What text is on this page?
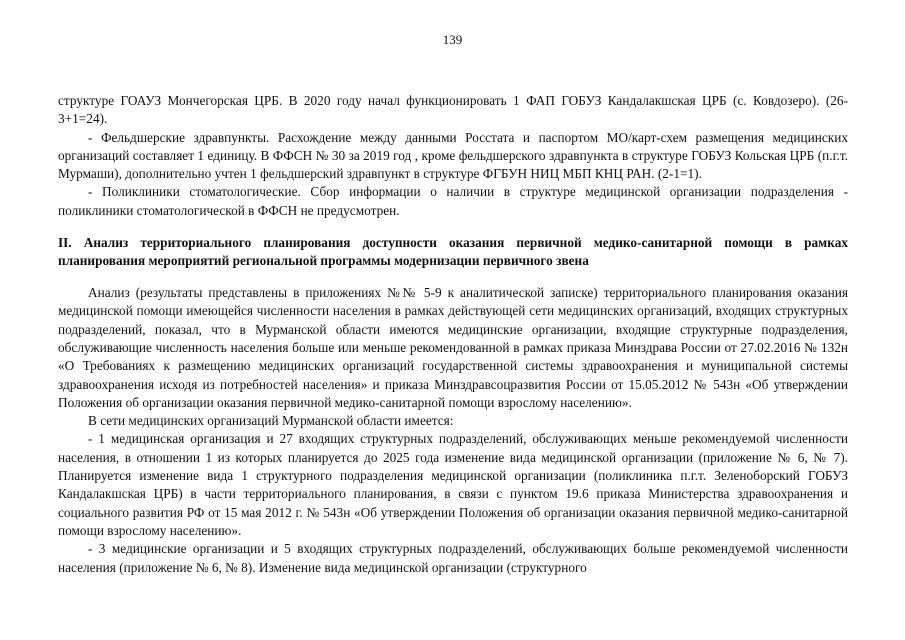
139

структуре ГОАУЗ Мончегорская ЦРБ. В 2020 году начал функционировать 1 ФАП ГОБУЗ Кандалакшская ЦРБ (с. Ковдозеро). (26-3+1=24).

- Фельдшерские здравпункты. Расхождение между данными Росстата и паспортом МО/карт-схем размещения медицинских организаций составляет 1 единицу. В ФФСН № 30 за 2019 год , кроме фельдшерского здравпункта в структуре ГОБУЗ Кольская ЦРБ (п.г.т. Мурмаши), дополнительно учтен 1 фельдшерский здравпункт в структуре ФГБУН НИЦ МБП КНЦ РАН. (2-1=1).

- Поликлиники стоматологические. Сбор информации о наличии в структуре медицинской организации подразделения - поликлиники стоматологической в ФФСН не предусмотрен.

II. Анализ территориального планирования доступности оказания первичной медико-санитарной помощи в рамках планирования мероприятий региональной программы модернизации первичного звена

Анализ (результаты представлены в приложениях №№ 5-9 к аналитической записке) территориального планирования оказания медицинской помощи имеющейся численности населения в рамках действующей сети медицинских организаций, входящих структурных подразделений, показал, что в Мурманской области имеются медицинские организации, входящие структурные подразделения, обслуживающие численность населения больше или меньше рекомендованной в рамках приказа Минздрава России от 27.02.2016 № 132н «О Требованиях к размещению медицинских организаций государственной системы здравоохранения и муниципальной системы здравоохранения исходя из потребностей населения» и приказа Минздравсоцразвития России от 15.05.2012 № 543н «Об утверждении Положения об организации оказания первичной медико-санитарной помощи взрослому населению».

В сети медицинских организаций Мурманской области имеется:

- 1 медицинская организация и 27 входящих структурных подразделений, обслуживающих меньше рекомендуемой численности населения, в отношении 1 из которых планируется до 2025 года изменение вида медицинской организации (приложение № 6, № 7). Планируется изменение вида 1 структурного подразделения медицинской организации (поликлиника п.г.т. Зеленоборский ГОБУЗ Кандалакшская ЦРБ) в части территориального планирования, в связи с пунктом 19.6 приказа Министерства здравоохранения и социального развития РФ от 15 мая 2012 г. № 543н «Об утверждении Положения об организации оказания первичной медико-санитарной помощи взрослому населению».

- 3 медицинские организации и 5 входящих структурных подразделений, обслуживающих больше рекомендуемой численности населения (приложение № 6, № 8). Изменение вида медицинской организации (структурного
